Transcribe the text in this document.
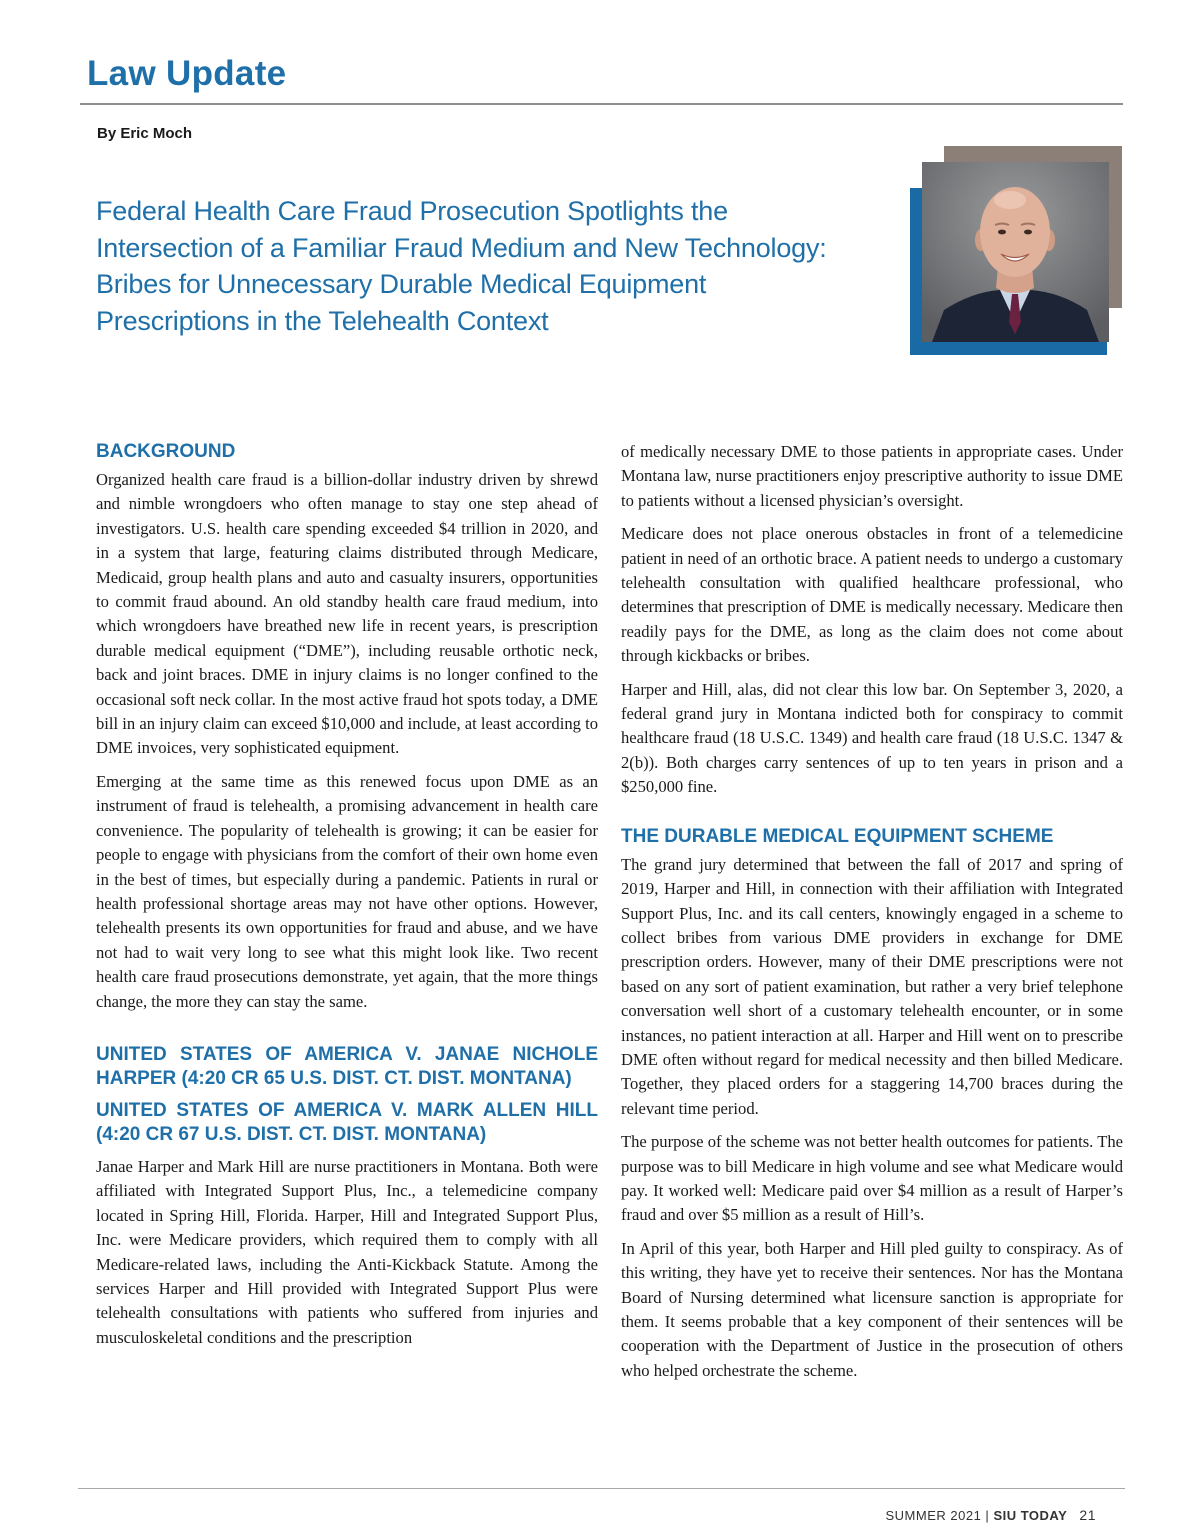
Law Update
By Eric Moch
Federal Health Care Fraud Prosecution Spotlights the Intersection of a Familiar Fraud Medium and New Technology: Bribes for Unnecessary Durable Medical Equipment Prescriptions in the Telehealth Context
BACKGROUND

Organized health care fraud is a billion-dollar industry driven by shrewd and nimble wrongdoers who often manage to stay one step ahead of investigators. U.S. health care spending exceeded $4 trillion in 2020, and in a system that large, featuring claims distributed through Medicare, Medicaid, group health plans and auto and casualty insurers, opportunities to commit fraud abound. An old standby health care fraud medium, into which wrongdoers have breathed new life in recent years, is prescription durable medical equipment (“DME”), including reusable orthotic neck, back and joint braces. DME in injury claims is no longer confined to the occasional soft neck collar. In the most active fraud hot spots today, a DME bill in an injury claim can exceed $10,000 and include, at least according to DME invoices, very sophisticated equipment.

Emerging at the same time as this renewed focus upon DME as an instrument of fraud is telehealth, a promising advancement in health care convenience. The popularity of telehealth is growing; it can be easier for people to engage with physicians from the comfort of their own home even in the best of times, but especially during a pandemic. Patients in rural or health professional shortage areas may not have other options. However, telehealth presents its own opportunities for fraud and abuse, and we have not had to wait very long to see what this might look like. Two recent health care fraud prosecutions demonstrate, yet again, that the more things change, the more they can stay the same.

UNITED STATES OF AMERICA V. JANAE NICHOLE HARPER (4:20 CR 65 U.S. DIST. CT. DIST. MONTANA)
UNITED STATES OF AMERICA V. MARK ALLEN HILL (4:20 CR 67 U.S. DIST. CT. DIST. MONTANA)

Janae Harper and Mark Hill are nurse practitioners in Montana. Both were affiliated with Integrated Support Plus, Inc., a telemedicine company located in Spring Hill, Florida. Harper, Hill and Integrated Support Plus, Inc. were Medicare providers, which required them to comply with all Medicare-related laws, including the Anti-Kickback Statute. Among the services Harper and Hill provided with Integrated Support Plus were telehealth consultations with patients who suffered from injuries and musculoskeletal conditions and the prescription

of medically necessary DME to those patients in appropriate cases. Under Montana law, nurse practitioners enjoy prescriptive authority to issue DME to patients without a licensed physician’s oversight.

Medicare does not place onerous obstacles in front of a telemedicine patient in need of an orthotic brace. A patient needs to undergo a customary telehealth consultation with qualified healthcare professional, who determines that prescription of DME is medically necessary. Medicare then readily pays for the DME, as long as the claim does not come about through kickbacks or bribes.

Harper and Hill, alas, did not clear this low bar. On September 3, 2020, a federal grand jury in Montana indicted both for conspiracy to commit healthcare fraud (18 U.S.C. 1349) and health care fraud (18 U.S.C. 1347 & 2(b)). Both charges carry sentences of up to ten years in prison and a $250,000 fine.

THE DURABLE MEDICAL EQUIPMENT SCHEME

The grand jury determined that between the fall of 2017 and spring of 2019, Harper and Hill, in connection with their affiliation with Integrated Support Plus, Inc. and its call centers, knowingly engaged in a scheme to collect bribes from various DME providers in exchange for DME prescription orders. However, many of their DME prescriptions were not based on any sort of patient examination, but rather a very brief telephone conversation well short of a customary telehealth encounter, or in some instances, no patient interaction at all. Harper and Hill went on to prescribe DME often without regard for medical necessity and then billed Medicare. Together, they placed orders for a staggering 14,700 braces during the relevant time period.

The purpose of the scheme was not better health outcomes for patients. The purpose was to bill Medicare in high volume and see what Medicare would pay. It worked well: Medicare paid over $4 million as a result of Harper’s fraud and over $5 million as a result of Hill’s.

In April of this year, both Harper and Hill pled guilty to conspiracy. As of this writing, they have yet to receive their sentences. Nor has the Montana Board of Nursing determined what licensure sanction is appropriate for them. It seems probable that a key component of their sentences will be cooperation with the Department of Justice in the prosecution of others who helped orchestrate the scheme.

SUMMER 2021 | SIU TODAY 21
